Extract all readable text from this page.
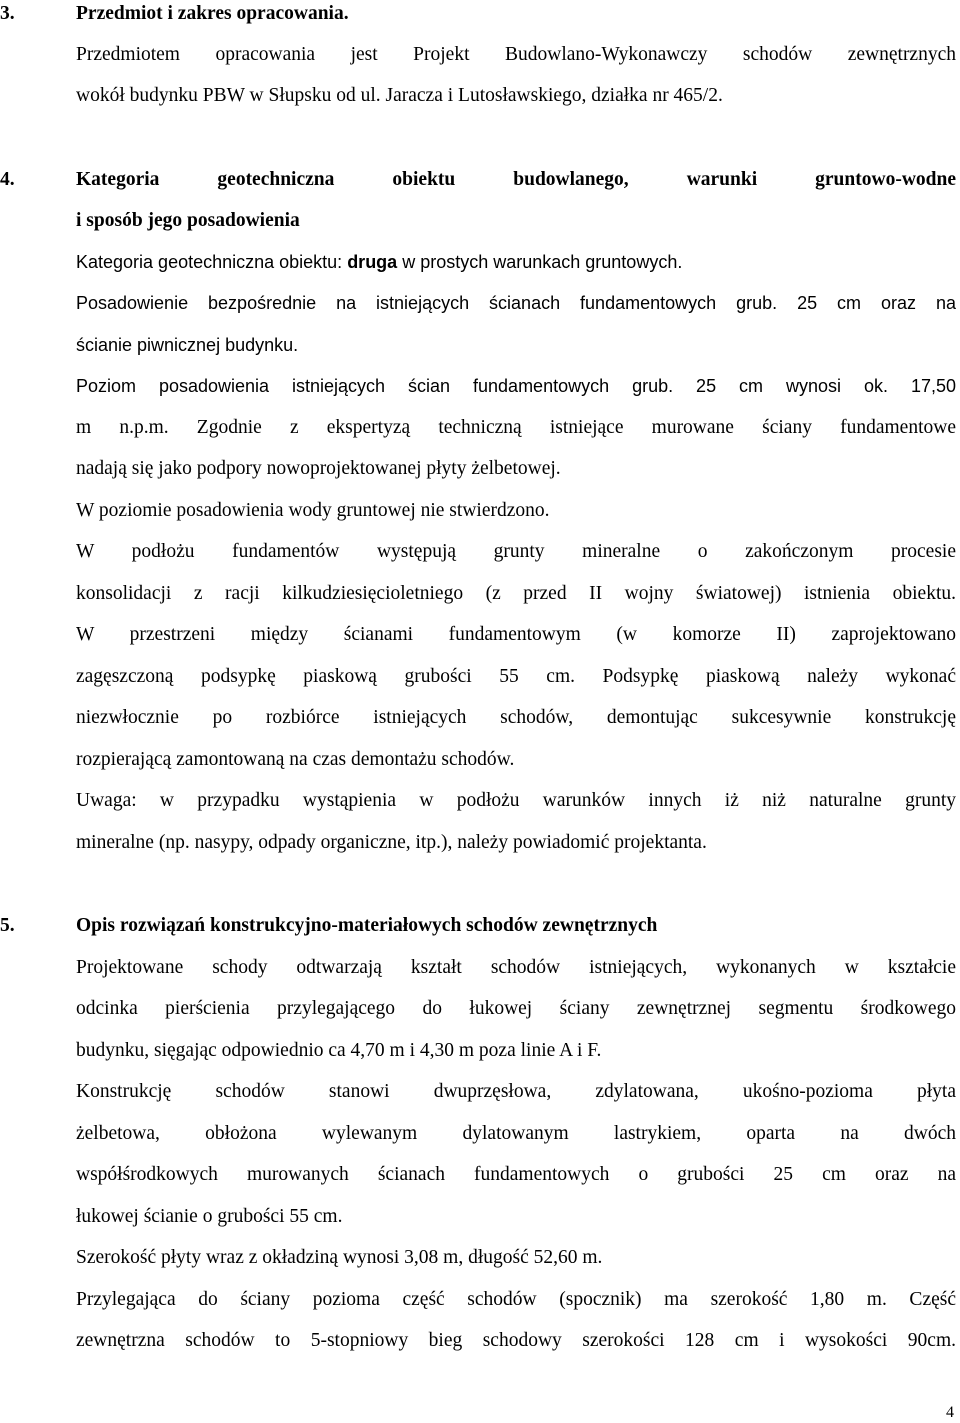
3.	Przedmiot i zakres opracowania.
Przedmiotem opracowania jest Projekt Budowlano-Wykonawczy schodów zewnętrznych
wokół budynku PBW w Słupsku od ul. Jaracza i Lutosławskiego, działka nr 465/2.
4.	Kategoria geotechniczna obiektu budowlanego, warunki gruntowo-wodne
i sposób jego posadowienia
Kategoria geotechniczna obiektu: druga w prostych warunkach gruntowych.
Posadowienie bezpośrednie na istniejących ścianach fundamentowych grub. 25 cm oraz na
ścianie piwnicznej budynku.
Poziom posadowienia istniejących ścian fundamentowych grub. 25 cm wynosi ok. 17,50
m n.p.m. Zgodnie z ekspertyzą techniczną istniejące murowane ściany fundamentowe
nadają się jako podpory nowoprojektowanej płyty żelbetowej.
W poziomie posadowienia wody gruntowej nie stwierdzono.
W podłożu fundamentów występują grunty mineralne o zakończonym procesie
konsolidacji z racji kilkudziesięcioletniego (z przed II wojny światowej) istnienia obiektu.
W przestrzeni między ścianami fundamentowym (w komorze II) zaprojektowano
zagęszczoną podsypkę piaskową grubości 55 cm. Podsypkę piaskową należy wykonać
niezwłocznie po rozbiórce istniejących schodów, demontując sukcesywnie konstrukcję
rozpierającą zamontowaną na czas demontażu schodów.
Uwaga: w przypadku wystąpienia w podłożu warunków innych iż niż naturalne grunty
mineralne (np. nasypy, odpady organiczne, itp.), należy powiadomić projektanta.
5.	Opis rozwiązań konstrukcyjno-materiałowych schodów zewnętrznych
Projektowane schody odtwarzają kształt schodów istniejących, wykonanych w kształcie
odcinka pierścienia przylegającego do łukowej ściany zewnętrznej segmentu środkowego
budynku, sięgając odpowiednio ca 4,70 m i 4,30 m poza linie A i F.
Konstrukcję schodów stanowi dwuprzęsłowa, zdylatowana, ukośno-pozioma płyta
żelbetowa, obłożona wylewanym dylatowanym lastrykiem, oparta na dwóch
współśrodkowych murowanych ścianach fundamentowych o grubości 25 cm oraz na
łukowej ścianie o grubości 55 cm.
Szerokość płyty wraz z okładziną wynosi 3,08 m, długość 52,60 m.
Przylegająca do ściany pozioma część schodów (spocznik) ma szerokość 1,80 m. Część
zewnętrzna schodów to 5-stopniowy bieg schodowy szerokości 128 cm i wysokości 90cm.
4
